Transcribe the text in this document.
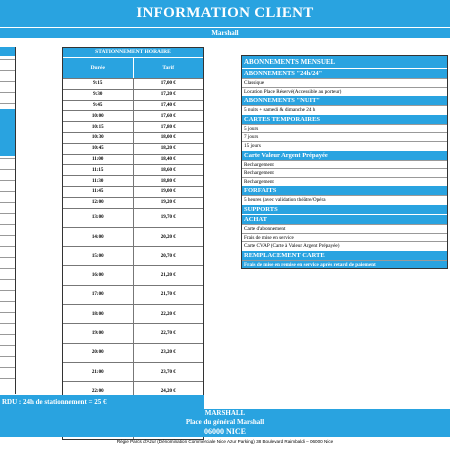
INFORMATION CLIENT
Marshall
STATIONNEMENT HORAIRE
Durée	Tarif
9:15	17,00 €
9:30	17,20 €
9:45	17,40 €
10:00	17,60 €
10:15	17,80 €
10:30	18,00 €
10:45	18,20 €
11:00	18,40 €
11:15	18,60 €
11:30	18,80 €
11:45	19,00 €
12:00	19,20 €
13:00	19,70 €
14:00	20,20 €
15:00	20,70 €
16:00	21,20 €
17:00	21,70 €
18:00	22,20 €
19:00	22,70 €
20:00	23,20 €
21:00	23,70 €
22:00	24,20 €
ABONNEMENTS MENSUEL
ABONNEMENTS "24h/24"
Classique
Location Place Réservé(Accessible au porteur)
ABONNEMENTS "NUIT"
5 nuits + samedi & dimanche 24 h
CARTES TEMPORAIRES
5 jours
7 jours
15 jours
Carte Valeur Argent Prépayée
Rechargement
Rechargement
Rechargement
FORFAITS
5 heures (avec validation théâtre/Opéra
SUPPORTS
ACHAT
Carte d'abonnement
Frais de mise en service
Carte CVAP (Carte à Valeur Argent Prépayée)
REMPLACEMENT CARTE
Frais de mise en remise en service après retard de paiement
RDU : 24h de stationnement = 25 €
MARSHALL
Place du général Marshall
06000 NICE
Régie Parcs d'Azur (Dénomination Commerciale Nice Azur Parking) 38 Boulevard Raimbaldi – 06000 Nice
